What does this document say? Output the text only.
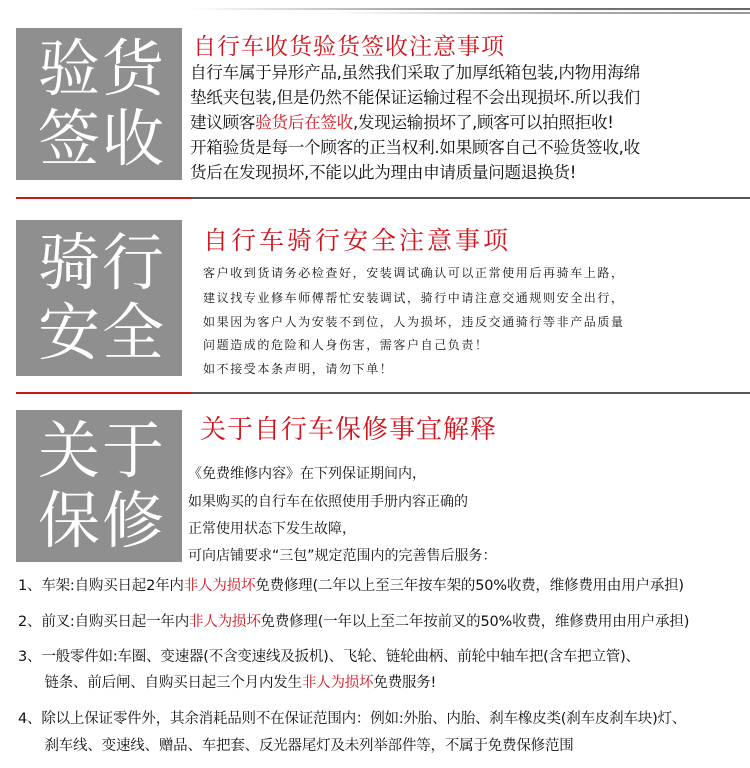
验 货
签 收
自行车收货验货签收注意事项
自行车属于异形产品,虽然我们采取了加厚纸箱包装,内物用海绵
垫纸夹包装,但是仍然不能保证运输过程不会出现损坏.所以我们
建议顾客验货后在签收,发现运输损坏了,顾客可以拍照拒收!
开箱验货是每一个顾客的正当权利.如果顾客自己不验货签收,收
货后在发现损坏,不能以此为理由申请质量问题退换货!
骑 行
安 全
自行车骑行安全注意事项
客户收到货请务必检查好，安装调试确认可以正常使用后再骑车上路，
建议找专业修车师傅帮忙安装调试，骑行中请注意交通规则安全出行，
如果因为客户人为安装不到位，人为损坏，违反交通骑行等非产品质量
问题造成的危险和人身伤害，需客户自己负责！
如不接受本条声明，请勿下单！
关 于
保 修
关于自行车保修事宜解释
《免费维修内容》在下列保证期间内，
如果购买的自行车在依照使用手册内容正确的
正常使用状态下发生故障，
可向店铺要求“三包”规定范围内的完善售后服务：
1、车架:自购买日起2年内非人为损坏免费修理(二年以上至三年按车架的50%收费，维修费用由用户承担)
2、前叉:自购买日起一年内非人为损坏免费修理(一年以上至二年按前叉的50%收费，维修费用由用户承担)
3、一般零件如:车圈、变速器(不含变速线及扳机)、飞轮、链轮曲柄、前轮中轴车把(含车把立管)、
链条、前后闸、自购买日起三个月内发生非人为损坏免费服务!
4、除以上保证零件外，其余消耗品则不在保证范围内：例如:外胎、内胎、刹车橡皮类(刹车皮刹车块)灯、
刹车线、变速线、赠品、车把套、反光器尾灯及未列举部件等，不属于免费保修范围
